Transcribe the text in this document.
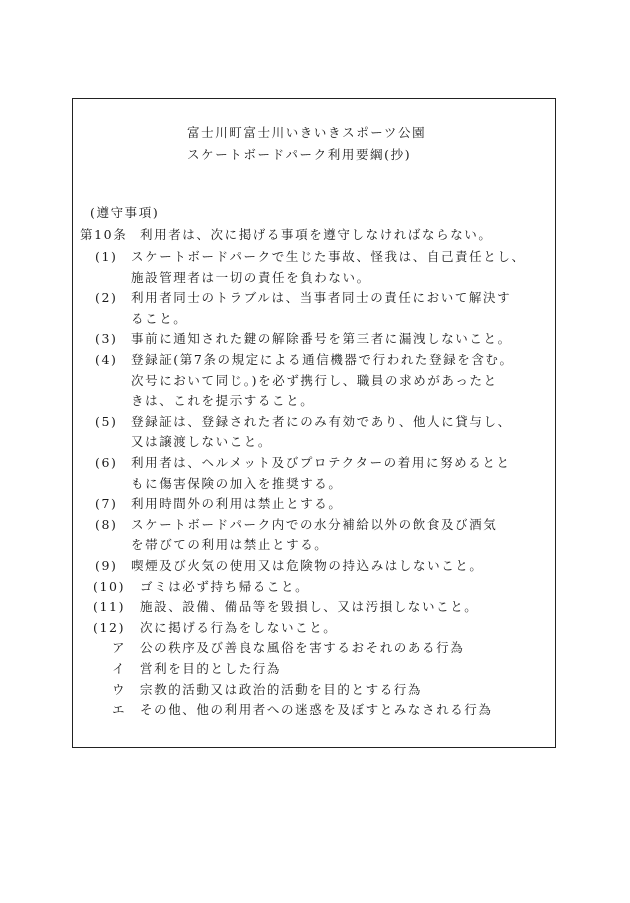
富士川町富士川いきいきスポーツ公園
スケートボードパーク利用要綱(抄)
(遵守事項)
第10条 利用者は、次に掲げる事項を遵守しなければならない。
(1) スケートボードパークで生じた事故、怪我は、自己責任とし、
施設管理者は一切の責任を負わない。
(2) 利用者同士のトラブルは、当事者同士の責任において解決す
ること。
(3) 事前に通知された鍵の解除番号を第三者に漏洩しないこと。
(4) 登録証(第7条の規定による通信機器で行われた登録を含む。
次号において同じ。)を必ず携行し、職員の求めがあったと
きは、これを提示すること。
(5) 登録証は、登録された者にのみ有効であり、他人に貸与し、
又は譲渡しないこと。
(6) 利用者は、ヘルメット及びプロテクターの着用に努めるとと
もに傷害保険の加入を推奨する。
(7) 利用時間外の利用は禁止とする。
(8) スケートボードパーク内での水分補給以外の飲食及び酒気
を帯びての利用は禁止とする。
(9) 喫煙及び火気の使用又は危険物の持込みはしないこと。
(10) ゴミは必ず持ち帰ること。
(11) 施設、設備、備品等を毀損し、又は汚損しないこと。
(12) 次に掲げる行為をしないこと。
ア 公の秩序及び善良な風俗を害するおそれのある行為
イ 営利を目的とした行為
ウ 宗教的活動又は政治的活動を目的とする行為
エ その他、他の利用者への迷惑を及ぼすとみなされる行為
